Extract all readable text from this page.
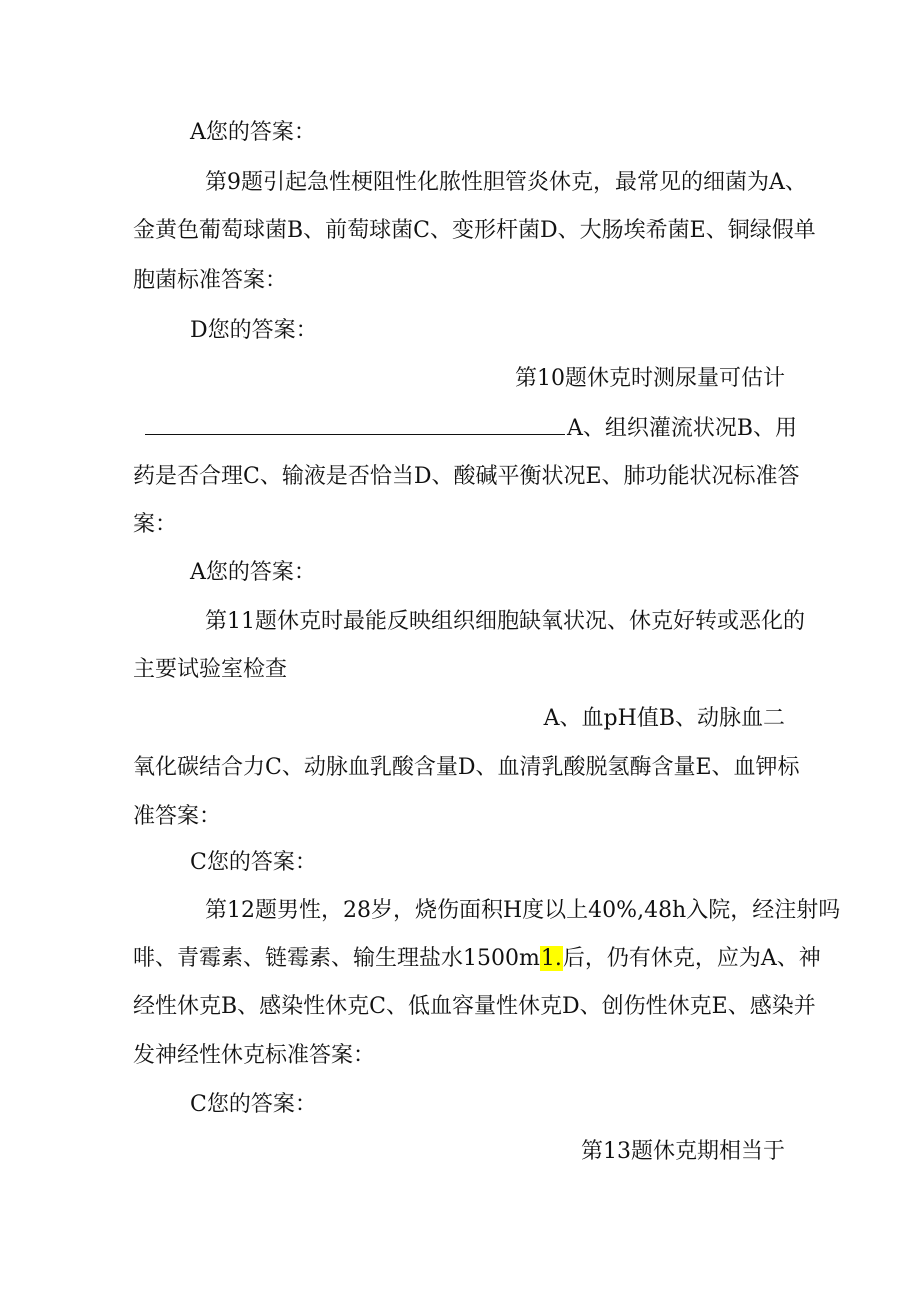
A您的答案：
第9题引起急性梗阻性化脓性胆管炎休克，最常见的细菌为A、
金黄色葡萄球菌B、前萄球菌C、变形杆菌D、大肠埃希菌E、铜绿假单
胞菌标准答案：
D您的答案：
第10题休克时测尿量可估计
A、组织灌流状况B、用
药是否合理C、输液是否恰当D、酸碱平衡状况E、肺功能状况标准答
案：
A您的答案：
第11题休克时最能反映组织细胞缺氧状况、休克好转或恶化的
主要试验室检查
A、血pH值B、动脉血二
氧化碳结合力C、动脉血乳酸含量D、血清乳酸脱氢酶含量E、血钾标
准答案：
C您的答案：
第12题男性，28岁，烧伤面积H度以上40%,48h入院，经注射吗
啡、青霉素、链霉素、输生理盐水1500m1.后，仍有休克，应为A、神
经性休克B、感染性休克C、低血容量性休克D、创伤性休克E、感染并
发神经性休克标准答案：
C您的答案：
第13题休克期相当于
